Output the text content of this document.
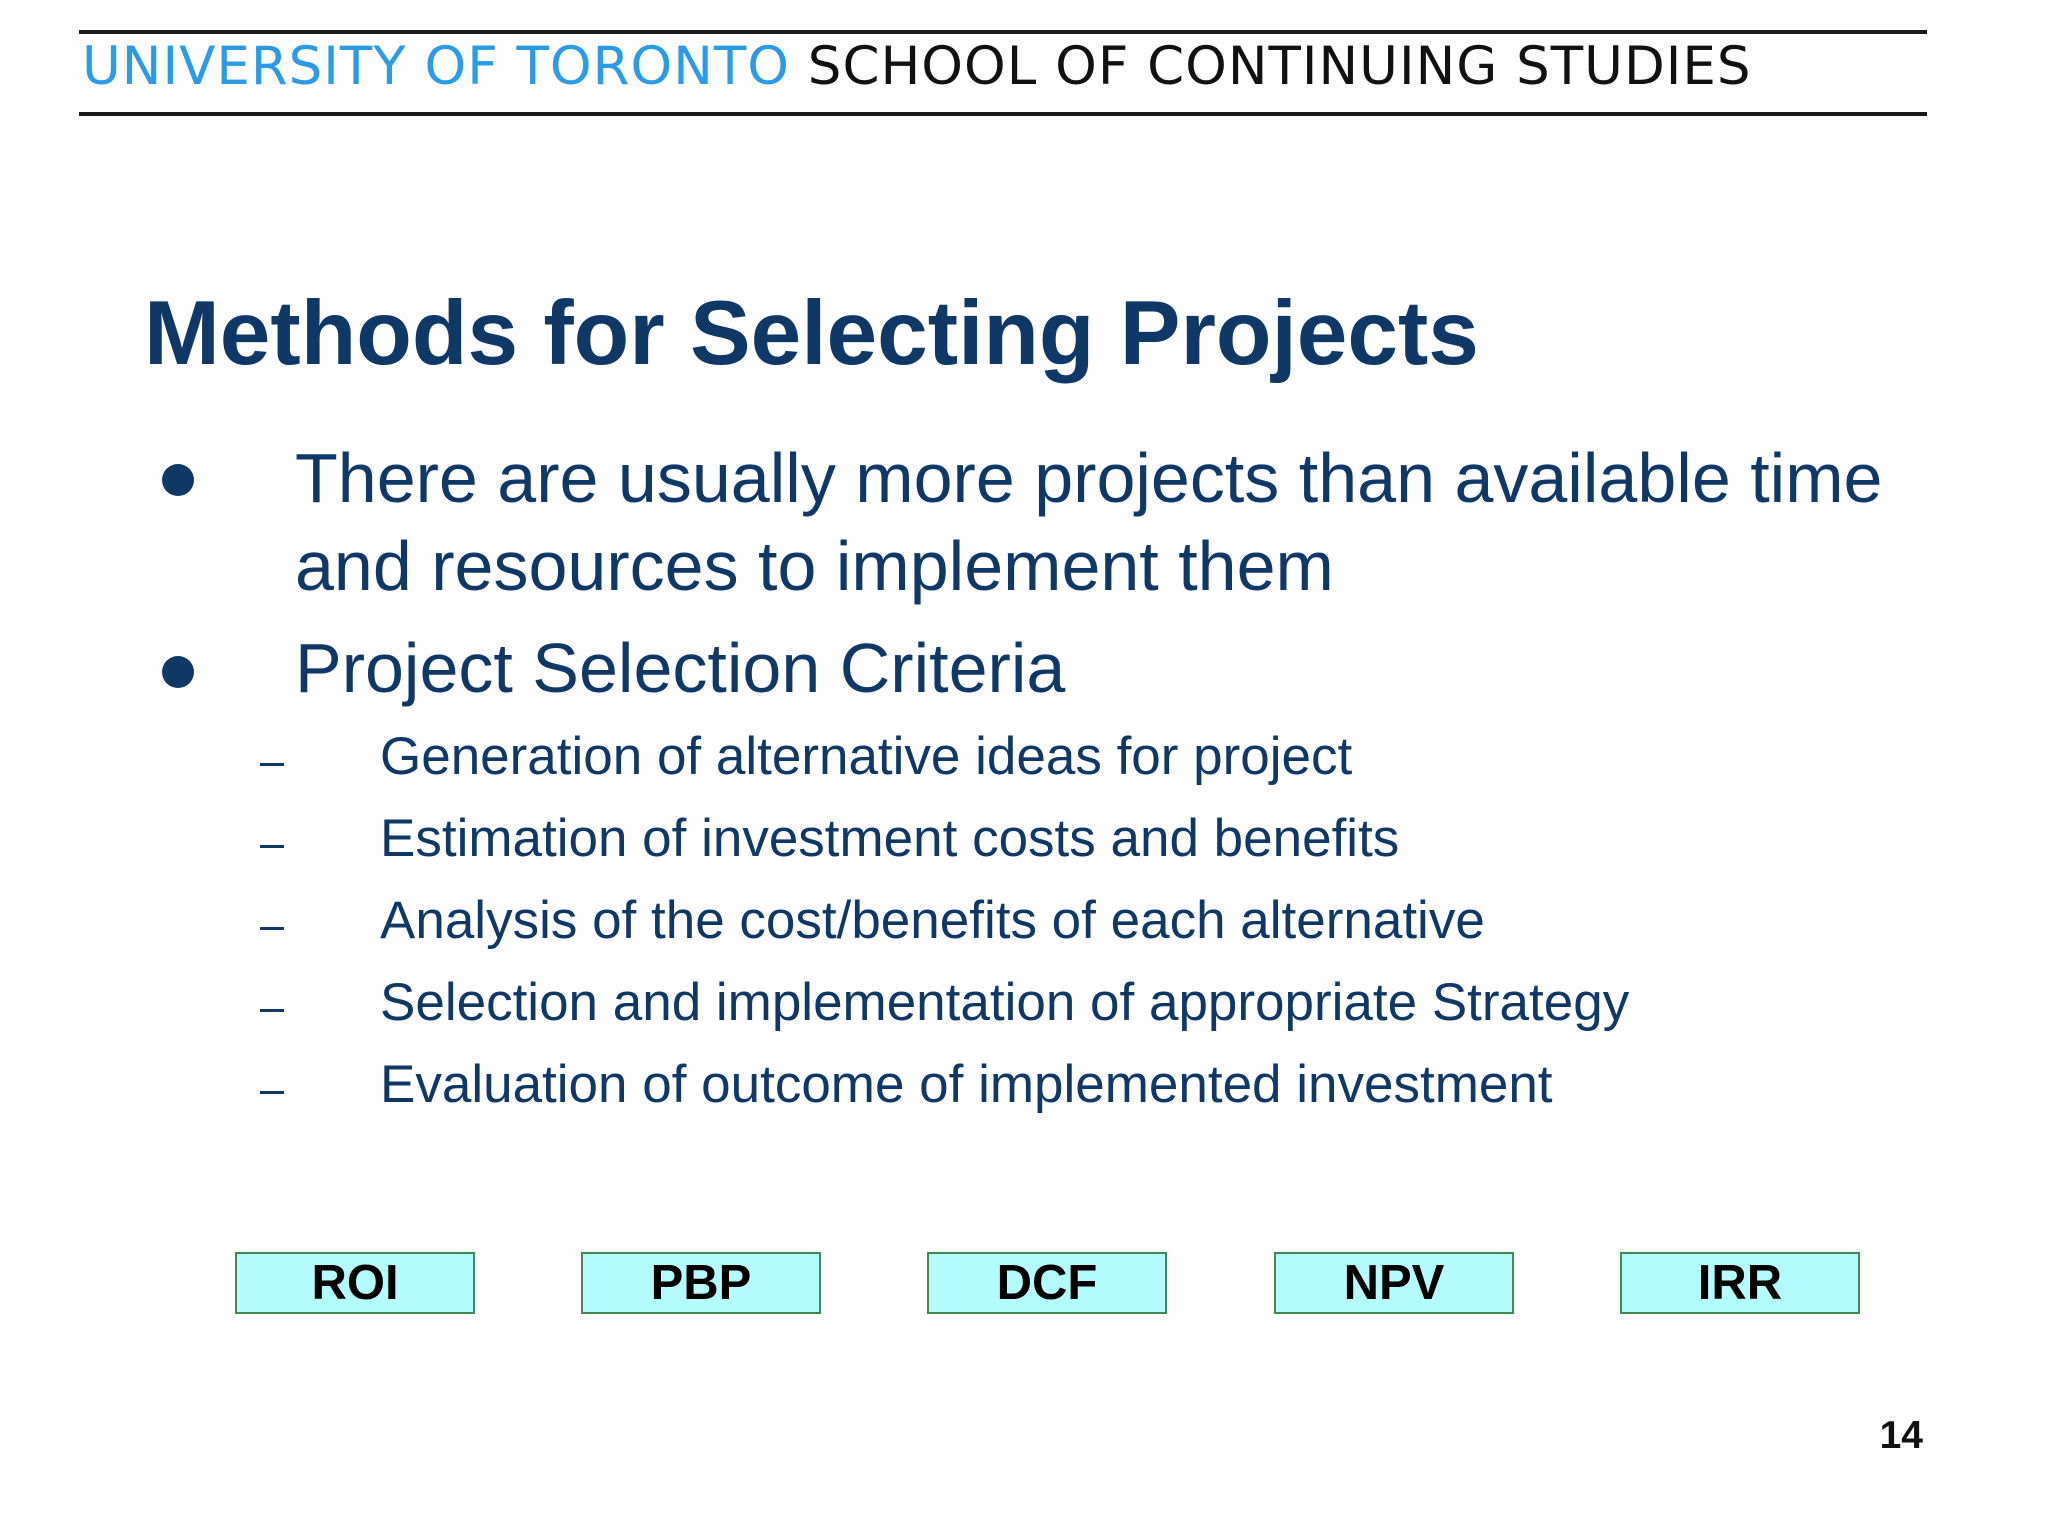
UNIVERSITY OF TORONTO SCHOOL OF CONTINUING STUDIES
Methods for Selecting Projects
There are usually more projects than available time
and resources to implement them
Project Selection Criteria
Generation of alternative ideas for project
Estimation of investment costs and benefits
Analysis of the cost/benefits of each alternative
Selection and implementation of appropriate Strategy
Evaluation of outcome of implemented investment
ROI	PBP	DCF	NPV	IRR
14
